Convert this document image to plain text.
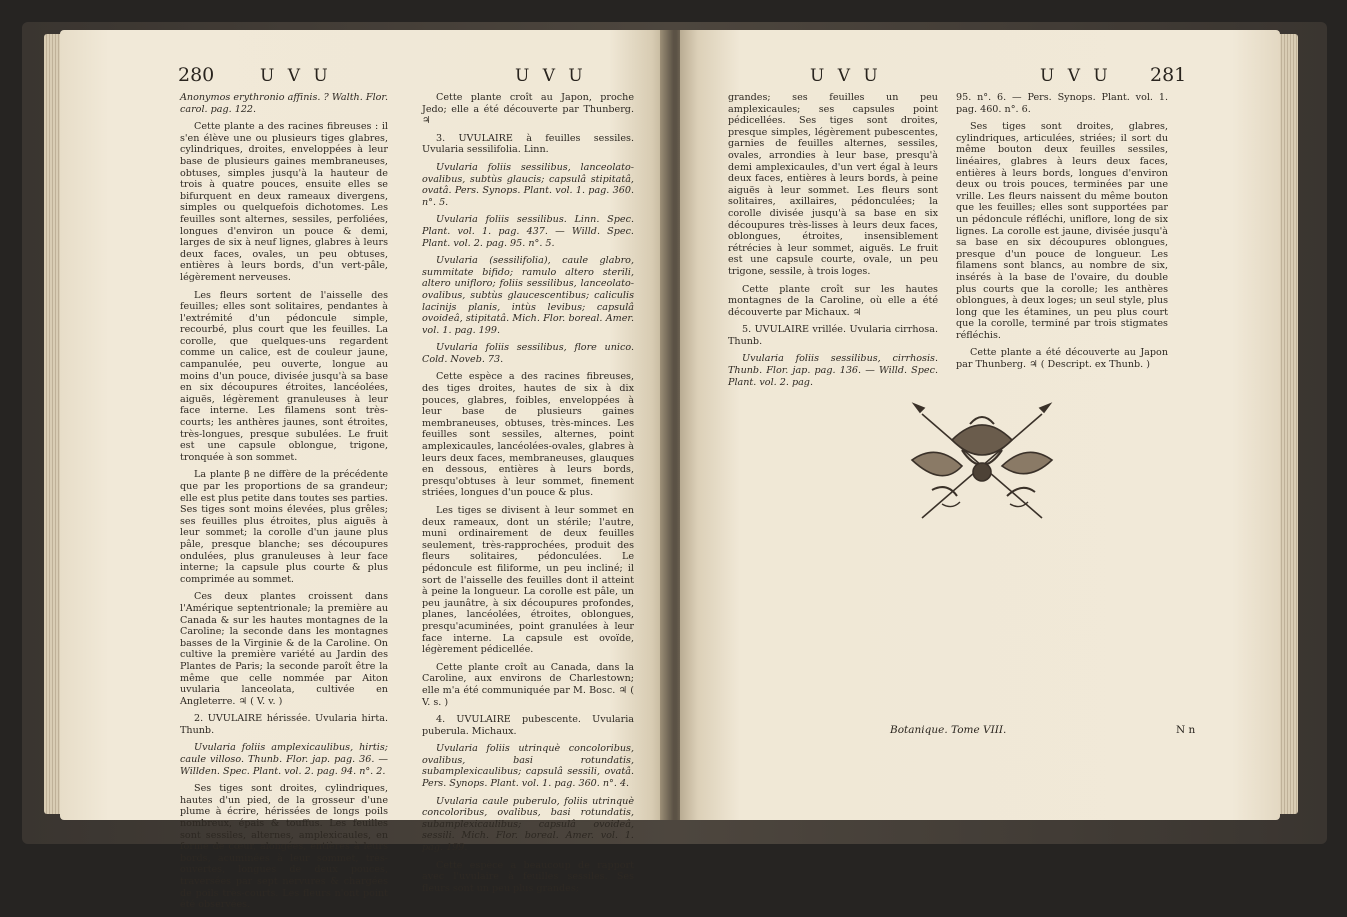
280	U V U	U V U

Anonymos erythronio affinis. ? Walth. Flor. carol. pag. 122.

Cette plante a des racines fibreuses : il s'en élève une ou plusieurs tiges glabres, cylindriques, droites, enveloppées à leur base de plusieurs gaines membraneuses, obtuses, simples jusqu'à la hauteur de trois à quatre pouces, ensuite elles se bifurquent en deux rameaux divergens, simples ou quelquefois dichotomes. Les feuilles sont alternes, sessiles, perfoliées, longues d'environ un pouce & demi, larges de six à neuf lignes, glabres à leurs deux faces, ovales, un peu obtuses, entières à leurs bords, d'un vert-pâle, légèrement nerveuses.

Les fleurs sortent de l'aisselle des feuilles; elles sont solitaires, pendantes à l'extrémité d'un pédoncule simple, recourbé, plus court que les feuilles. La corolle, que quelques-uns regardent comme un calice, est de couleur jaune, campanulée, peu ouverte, longue au moins d'un pouce, divisée jusqu'à sa base en six découpures étroites, lancéolées, aiguës, légèrement granuleuses à leur face interne. Les filamens sont très-courts; les anthères jaunes, sont étroites, très-longues, presque subulées. Le fruit est une capsule oblongue, trigone, tronquée à son sommet.

La plante β ne diffère de la précédente que par les proportions de sa grandeur; elle est plus petite dans toutes ses parties. Ses tiges sont moins élevées, plus grêles; ses feuilles plus étroites, plus aiguës à leur sommet; la corolle d'un jaune plus pâle, presque blanche; ses découpures ondulées, plus granuleuses à leur face interne; la capsule plus courte & plus comprimée au sommet.

Ces deux plantes croissent dans l'Amérique septentrionale; la première au Canada & sur les hautes montagnes de la Caroline; la seconde dans les montagnes basses de la Virginie & de la Caroline. On cultive la première variété au Jardin des Plantes de Paris; la seconde paroît être la même que celle nommée par Aiton uvularia lanceolata, cultivée en Angleterre. ♃ ( V. v. )

2. UVULAIRE hérissée. Uvularia hirta. Thunb.

Uvularia foliis amplexicaulibus, hirtis; caule villoso. Thunb. Flor. jap. pag. 36. — Willden. Spec. Plant. vol. 2. pag. 94. n°. 2.

Ses tiges sont droites, cylindriques, hautes d'un pied, de la grosseur d'une plume à écrire, hérissées de longs poils nombreux, épais & touffus. Les feuilles sont sessiles, alternes, amplexicaules, en forme de cœur, alongées, entières à leurs bords, acuminées à leur sommet, très-ouvertes, longues de deux pouces, traversées par sept nervures & chargées de poils très-courts. Les fleurs n'ont point été observées.

Cette plante croît au Japon, proche Jedo; elle a été découverte par Thunberg. ♃

3. UVULAIRE à feuilles sessiles. Uvularia sessilifolia. Linn.

Uvularia foliis sessilibus, lanceolato-ovalibus, subtùs glaucis; capsulâ stipitatâ, ovatâ. Pers. Synops. Plant. vol. 1. pag. 360. n°. 5.

Uvularia foliis sessilibus. Linn. Spec. Plant. vol. 1. pag. 437. — Willd. Spec. Plant. vol. 2. pag. 95. n°. 5.

Uvularia (sessilifolia), caule glabro, summitate bifido; ramulo altero sterili, altero unifloro; foliis sessilibus, lanceolato-ovalibus, subtùs glaucescentibus; caliculis lacinijs planis, intùs levibus; capsulâ ovoideâ, stipitatâ. Mich. Flor. boreal. Amer. vol. 1. pag. 199.

Uvularia foliis sessilibus, flore unico. Cold. Noveb. 73.

Cette espèce a des racines fibreuses, des tiges droites, hautes de six à dix pouces, glabres, foibles, enveloppées à leur base de plusieurs gaines membraneuses, obtuses, très-minces. Les feuilles sont sessiles, alternes, point amplexicaules, lancéolées-ovales, glabres à leurs deux faces, membraneuses, glauques en dessous, entières à leurs bords, presqu'obtuses à leur sommet, finement striées, longues d'un pouce & plus.

Les tiges se divisent à leur sommet en deux rameaux, dont un stérile; l'autre, muni ordinairement de deux feuilles seulement, très-rapprochées, produit des fleurs solitaires, pédonculées. Le pédoncule est filiforme, un peu incliné; il sort de l'aisselle des feuilles dont il atteint à peine la longueur. La corolle est pâle, un peu jaunâtre, à six découpures profondes, planes, lancéolées, étroites, oblongues, presqu'acuminées, point granulées à leur face interne. La capsule est ovoïde, légèrement pédicellée.

Cette plante croît au Canada, dans la Caroline, aux environs de Charlestown; elle m'a été communiquée par M. Bosc. ♃ ( V. s. )

4. UVULAIRE pubescente. Uvularia puberula. Michaux.

Uvularia foliis utrinquè concoloribus, ovalibus, basi rotundatis, subamplexicaulibus; capsulâ sessili, ovatâ. Pers. Synops. Plant. vol. 1. pag. 360. n°. 4.

Uvularia caule puberulo, foliis utrinquè concoloribus, ovalibus, basi rotundatis, subamplexicaulibus; capsulâ ovoideâ, sessili. Mich. Flor. boreal. Amer. vol. 1. pag. 199.

Cette espèce a beaucoup de rapport avec l'uvulaire à feuilles sessiles. Ses fleurs sont un peu plus grandes;

U V U	U V U 281

grandes; ses feuilles un peu amplexicaules; ses capsules point pédicellées. Ses tiges sont droites, presque simples, légèrement pubescentes, garnies de feuilles alternes, sessiles, ovales, arrondies à leur base, presqu'à demi amplexicaules, d'un vert égal à leurs deux faces, entières à leurs bords, à peine aiguës à leur sommet. Les fleurs sont solitaires, axillaires, pédonculées; la corolle divisée jusqu'à sa base en six découpures très-lisses à leurs deux faces, oblongues, étroites, insensiblement rétrécies à leur sommet, aiguës. Le fruit est une capsule courte, ovale, un peu trigone, sessile, à trois loges.

Cette plante croît sur les hautes montagnes de la Caroline, où elle a été découverte par Michaux. ♃

5. UVULAIRE vrillée. Uvularia cirrhosa. Thunb.

Uvularia foliis sessilibus, cirrhosis. Thunb. Flor. jap. pag. 136. — Willd. Spec. Plant. vol. 2. pag.

95. n°. 6. — Pers. Synops. Plant. vol. 1. pag. 460. n°. 6.

Ses tiges sont droites, glabres, cylindriques, articulées, striées; il sort du même bouton deux feuilles sessiles, linéaires, glabres à leurs deux faces, entières à leurs bords, longues d'environ deux ou trois pouces, terminées par une vrille. Les fleurs naissent du même bouton que les feuilles; elles sont supportées par un pédoncule réfléchi, uniflore, long de six lignes. La corolle est jaune, divisée jusqu'à sa base en six découpures oblongues, presque d'un pouce de longueur. Les filamens sont blancs, au nombre de six, insérés à la base de l'ovaire, du double plus courts que la corolle; les anthères oblongues, à deux loges; un seul style, plus long que les étamines, un peu plus court que la corolle, terminé par trois stigmates réfléchis.

Cette plante a été découverte au Japon par Thunberg. ♃ ( Descript. ex Thunb. )

Botanique. Tome VIII.	N n
